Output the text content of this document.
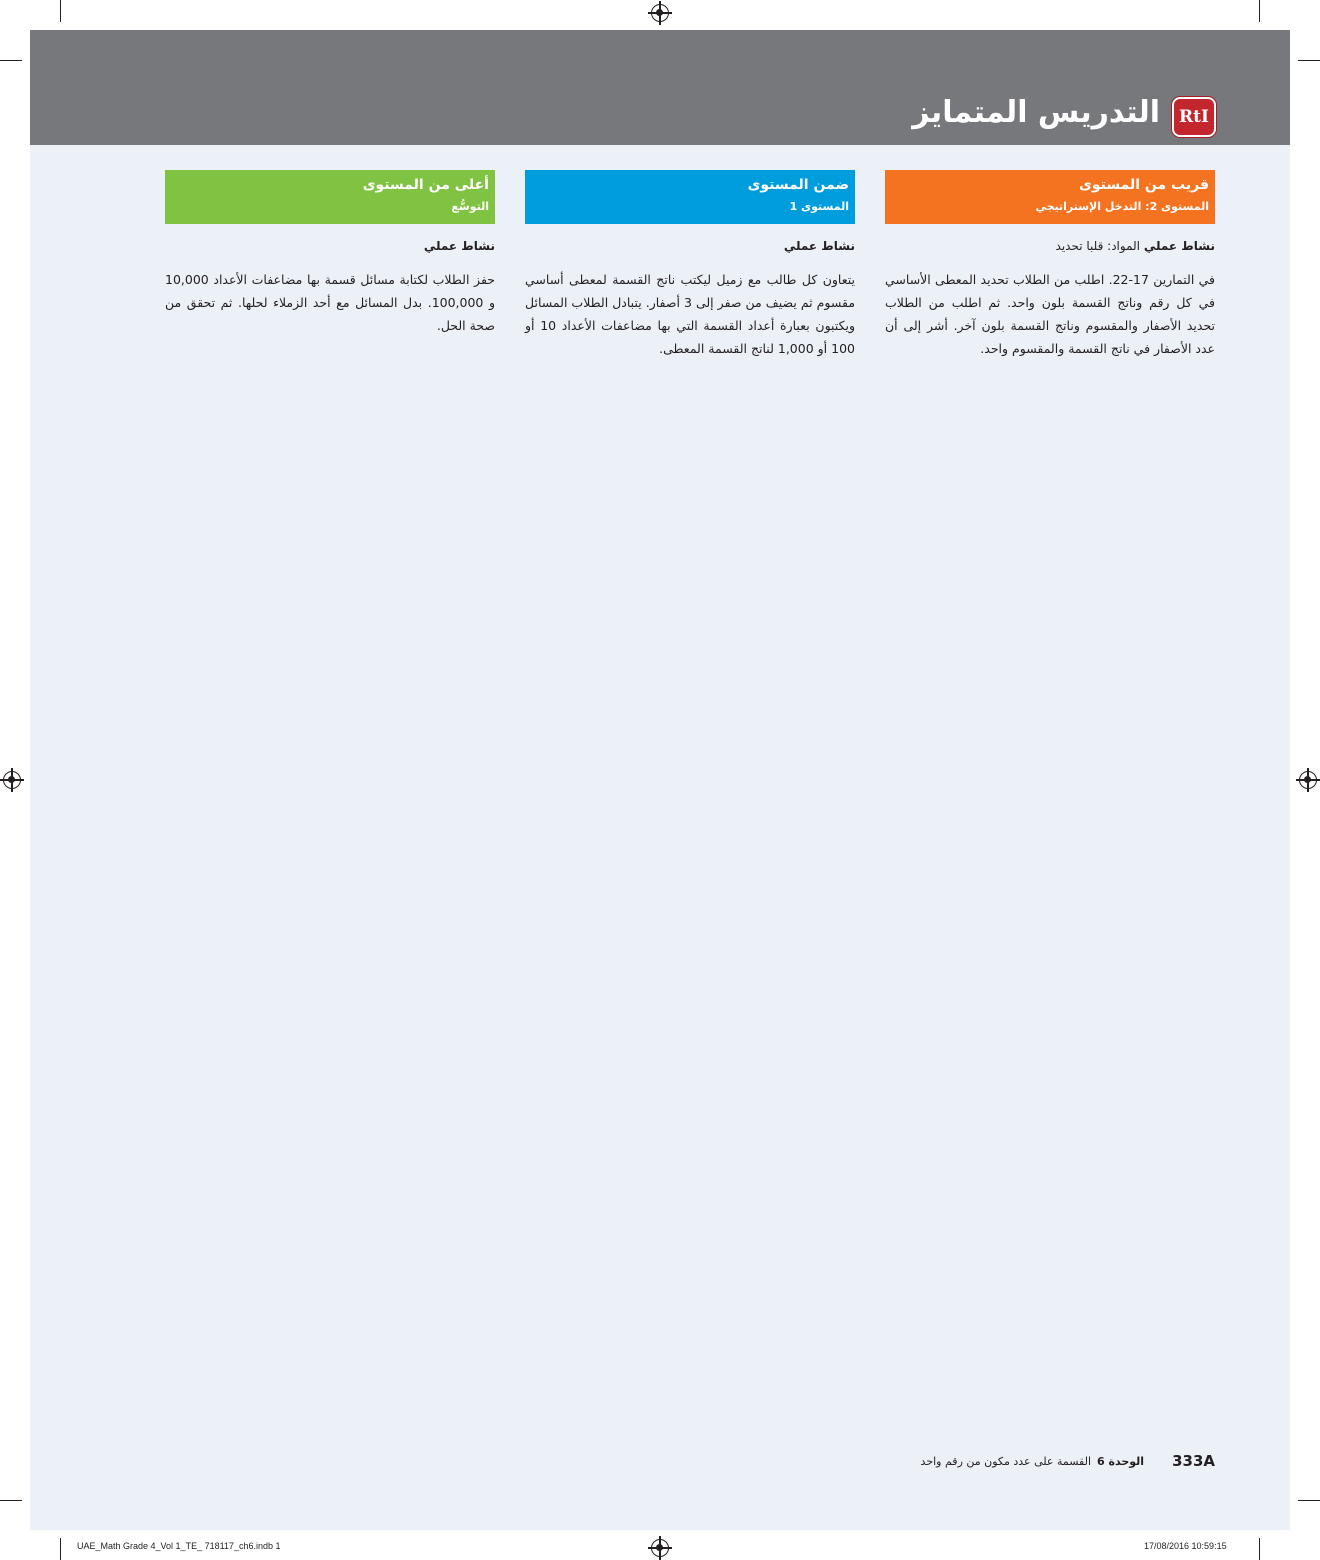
RtI
التدريس المتمايز
قريب من المستوى
المستوى 2: التدخل الإستراتيجي
نشاط عملي المواد: قلبا تحديد
في التمارين 17-22. اطلب من الطلاب تحديد المعطى الأساسي في كل رقم وناتج القسمة بلون واحد. ثم اطلب من الطلاب تحديد الأصفار والمقسوم وناتج القسمة بلون آخر. أشر إلى أن عدد الأصفار في ناتج القسمة والمقسوم واحد.
ضمن المستوى
المستوى 1
نشاط عملي
يتعاون كل طالب مع زميل ليكتب ناتج القسمة لمعطى أساسي مقسوم ثم يضيف من صفر إلى 3 أصفار. يتبادل الطلاب المسائل ويكتبون بعبارة أعداد القسمة التي بها مضاعفات الأعداد 10 أو 100 أو 1,000 لناتج القسمة المعطى.
أعلى من المستوى
التوسُّع
نشاط عملي
حفز الطلاب لكتابة مسائل قسمة بها مضاعفات الأعداد 10,000 و 100,000. بدل المسائل مع أحد الزملاء لحلها. ثم تحقق من صحة الحل.
333A
الوحدة 6
القسمة على عدد مكون من رقم واحد
UAE_Math Grade 4_Vol 1_TE_ 718117_ch6.indb 1	17/08/2016 10:59:15
